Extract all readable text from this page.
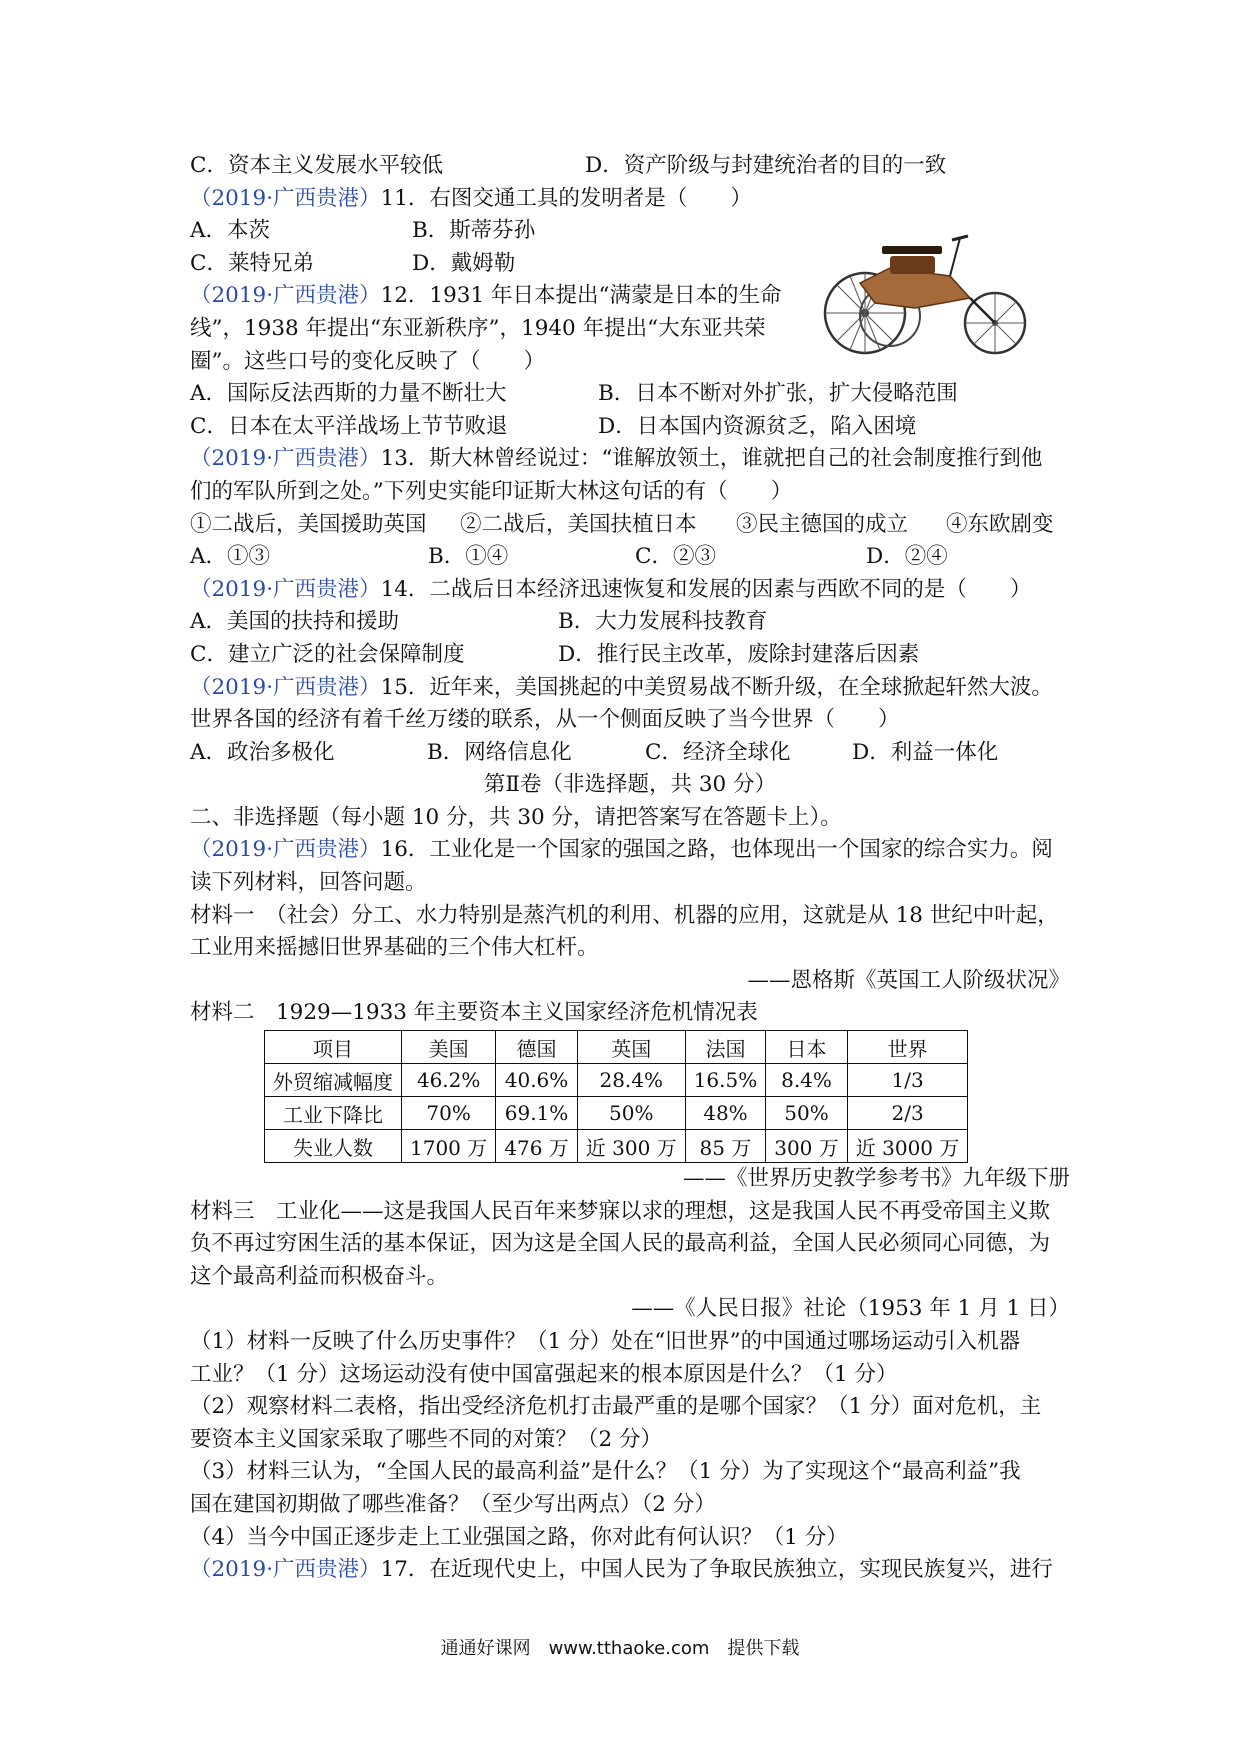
C．资本主义发展水平较低	D．资产阶级与封建统治者的目的一致
（2019·广西贵港）11．右图交通工具的发明者是（　　）
A．本茨	B．斯蒂芬孙
C．莱特兄弟	D．戴姆勒
（2019·广西贵港）12．1931 年日本提出“满蒙是日本的生命
线”，1938 年提出“东亚新秩序”，1940 年提出“大东亚共荣
圈”。这些口号的变化反映了（　　）
A．国际反法西斯的力量不断壮大	B．日本不断对外扩张，扩大侵略范围
C．日本在太平洋战场上节节败退	D．日本国内资源贫乏，陷入困境
（2019·广西贵港）13．斯大林曾经说过：“谁解放领土，谁就把自己的社会制度推行到他
们的军队所到之处。”下列史实能印证斯大林这句话的有（　　）
①二战后，美国援助英国	②二战后，美国扶植日本	③民主德国的成立	④东欧剧变
A．①③	B．①④	C．②③	D．②④
（2019·广西贵港）14．二战后日本经济迅速恢复和发展的因素与西欧不同的是（　　）
A．美国的扶持和援助	B．大力发展科技教育
C．建立广泛的社会保障制度	D．推行民主改革，废除封建落后因素
（2019·广西贵港）15．近年来，美国挑起的中美贸易战不断升级，在全球掀起轩然大波。
世界各国的经济有着千丝万缕的联系，从一个侧面反映了当今世界（　　）
A．政治多极化	B．网络信息化	C．经济全球化	D．利益一体化
第Ⅱ卷（非选择题，共 30 分）
二、非选择题（每小题 10 分，共 30 分，请把答案写在答题卡上）。
（2019·广西贵港）16．工业化是一个国家的强国之路，也体现出一个国家的综合实力。阅
读下列材料，回答问题。
材料一　（社会）分工、水力特别是蒸汽机的利用、机器的应用，这就是从 18 世纪中叶起，
工业用来摇撼旧世界基础的三个伟大杠杆。
——恩格斯《英国工人阶级状况》
材料二　1929—1933 年主要资本主义国家经济危机情况表
项目	美国	德国	英国	法国	日本	世界
外贸缩减幅度	46.2%	40.6%	28.4%	16.5%	8.4%	1/3
工业下降比	70%	69.1%	50%	48%	50%	2/3
失业人数	1700 万	476 万	近 300 万	85 万	300 万	近 3000 万
——《世界历史教学参考书》九年级下册
材料三　工业化——这是我国人民百年来梦寐以求的理想，这是我国人民不再受帝国主义欺
负不再过穷困生活的基本保证，因为这是全国人民的最高利益，全国人民必须同心同德，为
这个最高利益而积极奋斗。
——《人民日报》社论（1953 年 1 月 1 日）
（1）材料一反映了什么历史事件？（1 分）处在“旧世界”的中国通过哪场运动引入机器
工业？（1 分）这场运动没有使中国富强起来的根本原因是什么？（1 分）
（2）观察材料二表格，指出受经济危机打击最严重的是哪个国家？（1 分）面对危机，主
要资本主义国家采取了哪些不同的对策？（2 分）
（3）材料三认为，“全国人民的最高利益”是什么？（1 分）为了实现这个“最高利益”我
国在建国初期做了哪些准备？（至少写出两点）（2 分）
（4）当今中国正逐步走上工业强国之路，你对此有何认识？（1 分）
（2019·广西贵港）17．在近现代史上，中国人民为了争取民族独立，实现民族复兴，进行
通通好课网　www.tthaoke.com　提供下载
